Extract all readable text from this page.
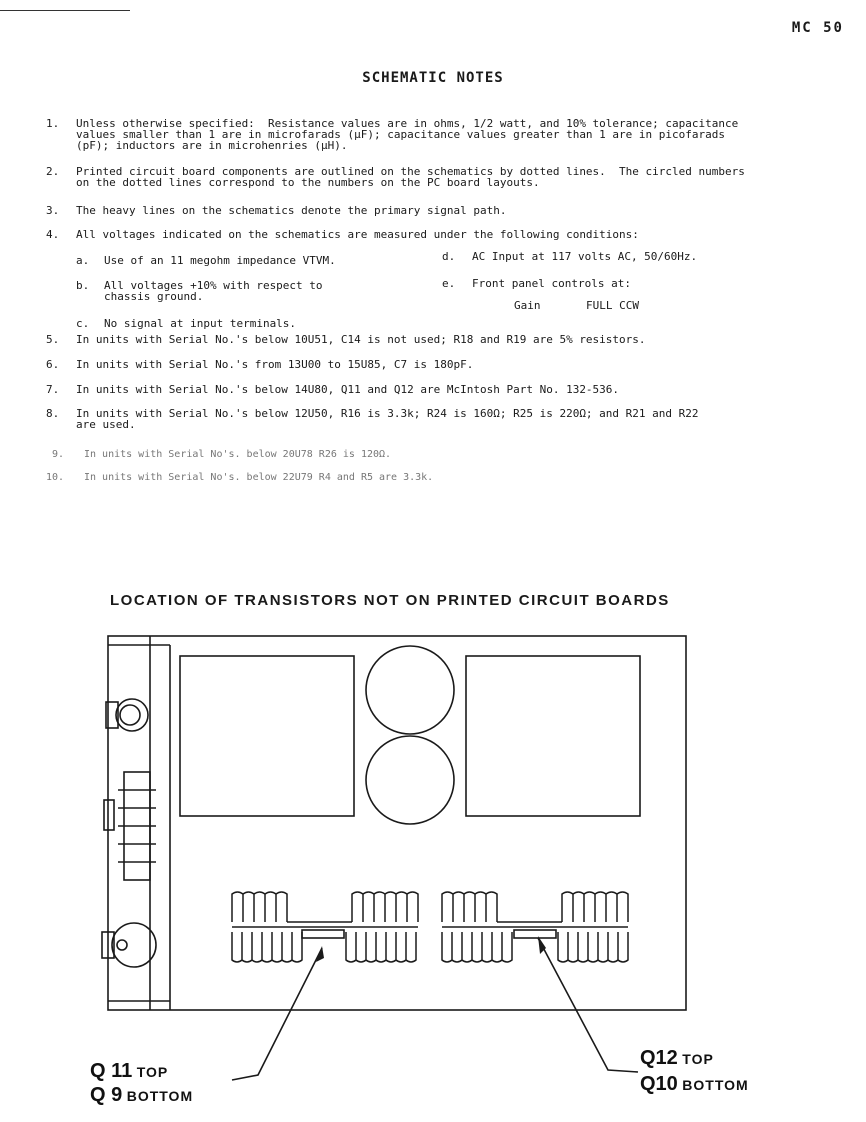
MC 50
SCHEMATIC NOTES
1. Unless otherwise specified:  Resistance values are in ohms, 1/2 watt, and 10% tolerance; capacitance
values smaller than 1 are in microfarads (μF); capacitance values greater than 1 are in picofarads
(pF); inductors are in microhenries (μH).
2. Printed circuit board components are outlined on the schematics by dotted lines.  The circled numbers
on the dotted lines correspond to the numbers on the PC board layouts.
3. The heavy lines on the schematics denote the primary signal path.
4. All voltages indicated on the schematics are measured under the following conditions:
a. Use of an 11 megohm impedance VTVM.	d. AC Input at 117 volts AC, 50/60Hz.
b. All voltages +10% with respect to
chassis ground.
e. Front panel controls at:
Gain	FULL CCW
c. No signal at input terminals.
5. In units with Serial No.'s below 10U51, C14 is not used; R18 and R19 are 5% resistors.
6. In units with Serial No.'s from 13U00 to 15U85, C7 is 180pF.
7. In units with Serial No.'s below 14U80, Q11 and Q12 are McIntosh Part No. 132-536.
8. In units with Serial No.'s below 12U50, R16 is 3.3k; R24 is 160Ω; R25 is 220Ω; and R21 and R22
are used.
9. In units with Serial No's. below 20U78 R26 is 120Ω.
10. In units with Serial No's. below 22U79 R4 and R5 are 3.3k.
LOCATION OF TRANSISTORS NOT ON PRINTED CIRCUIT BOARDS
Q 11 TOP
Q 9 BOTTOM
Q12 TOP
Q10 BOTTOM
